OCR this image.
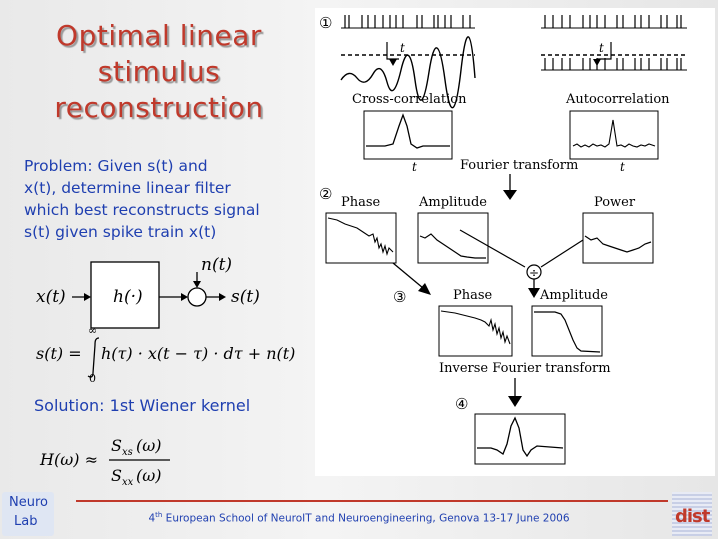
Optimal linear
stimulus
reconstruction
Problem: Given s(t) and
x(t), determine linear filter
which best reconstructs signal
s(t) given spike train x(t)
x(t)	h(·)
n(t)
s(t)
s(t) =
∞
0
h(τ) · x(t − τ) · dτ + n(t)
H(ω) ≈
S xs (ω)
S xx (ω)
Solution: 1st Wiener kernel
①
t	t
Cross-correlation	Autocorrelation
t	t
Fourier transform
② Phase	Amplitude	Power
÷
③	Phase	Amplitude
Inverse Fourier transform
④
4th European School of NeuroIT and Neuroengineering, Genova 13-17 June 2006
Neuro
Lab	dist
